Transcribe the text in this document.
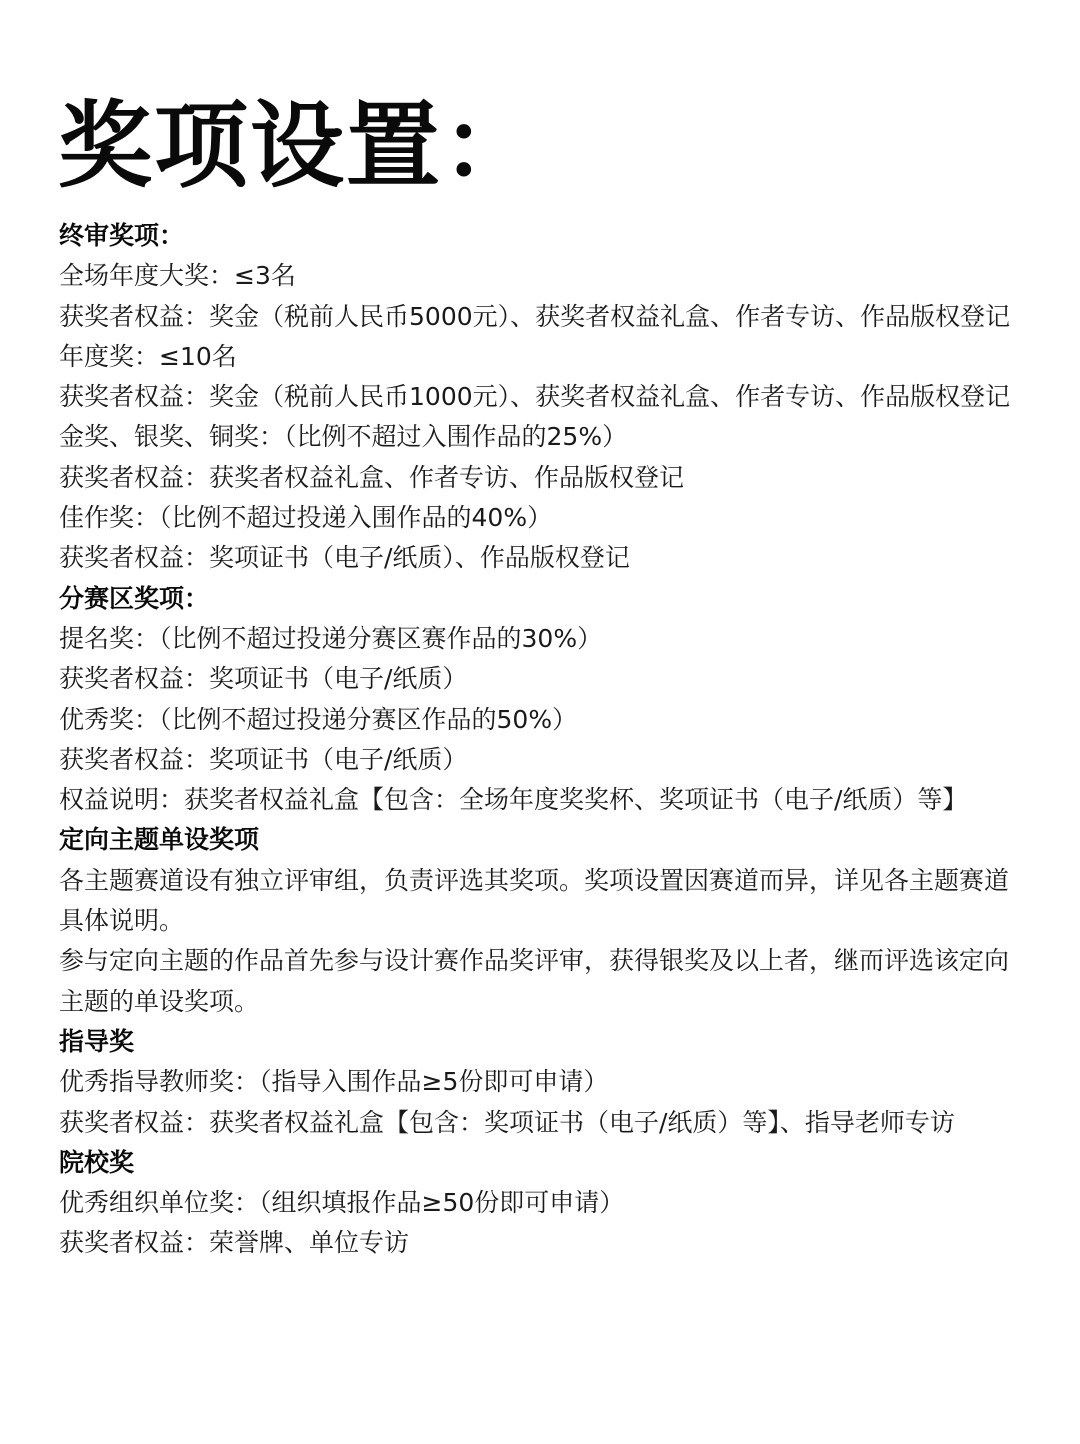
奖项设置：
终审奖项：
全场年度大奖：≤3名
获奖者权益：奖金（税前人民币5000元）、获奖者权益礼盒、作者专访、作品版权登记
年度奖：≤10名
获奖者权益：奖金（税前人民币1000元）、获奖者权益礼盒、作者专访、作品版权登记
金奖、银奖、铜奖：（比例不超过入围作品的25%）
获奖者权益：获奖者权益礼盒、作者专访、作品版权登记
佳作奖：（比例不超过投递入围作品的40%）
获奖者权益：奖项证书（电子/纸质）、作品版权登记
分赛区奖项：
提名奖：（比例不超过投递分赛区赛作品的30%）
获奖者权益：奖项证书（电子/纸质）
优秀奖：（比例不超过投递分赛区作品的50%）
获奖者权益：奖项证书（电子/纸质）
权益说明：获奖者权益礼盒【包含：全场年度奖奖杯、奖项证书（电子/纸质）等】
定向主题单设奖项
各主题赛道设有独立评审组，负责评选其奖项。奖项设置因赛道而异，详见各主题赛道具体说明。
参与定向主题的作品首先参与设计赛作品奖评审，获得银奖及以上者，继而评选该定向主题的单设奖项。
指导奖
优秀指导教师奖：（指导入围作品≥5份即可申请）
获奖者权益：获奖者权益礼盒【包含：奖项证书（电子/纸质）等】、指导老师专访
院校奖
优秀组织单位奖：（组织填报作品≥50份即可申请）
获奖者权益：荣誉牌、单位专访
